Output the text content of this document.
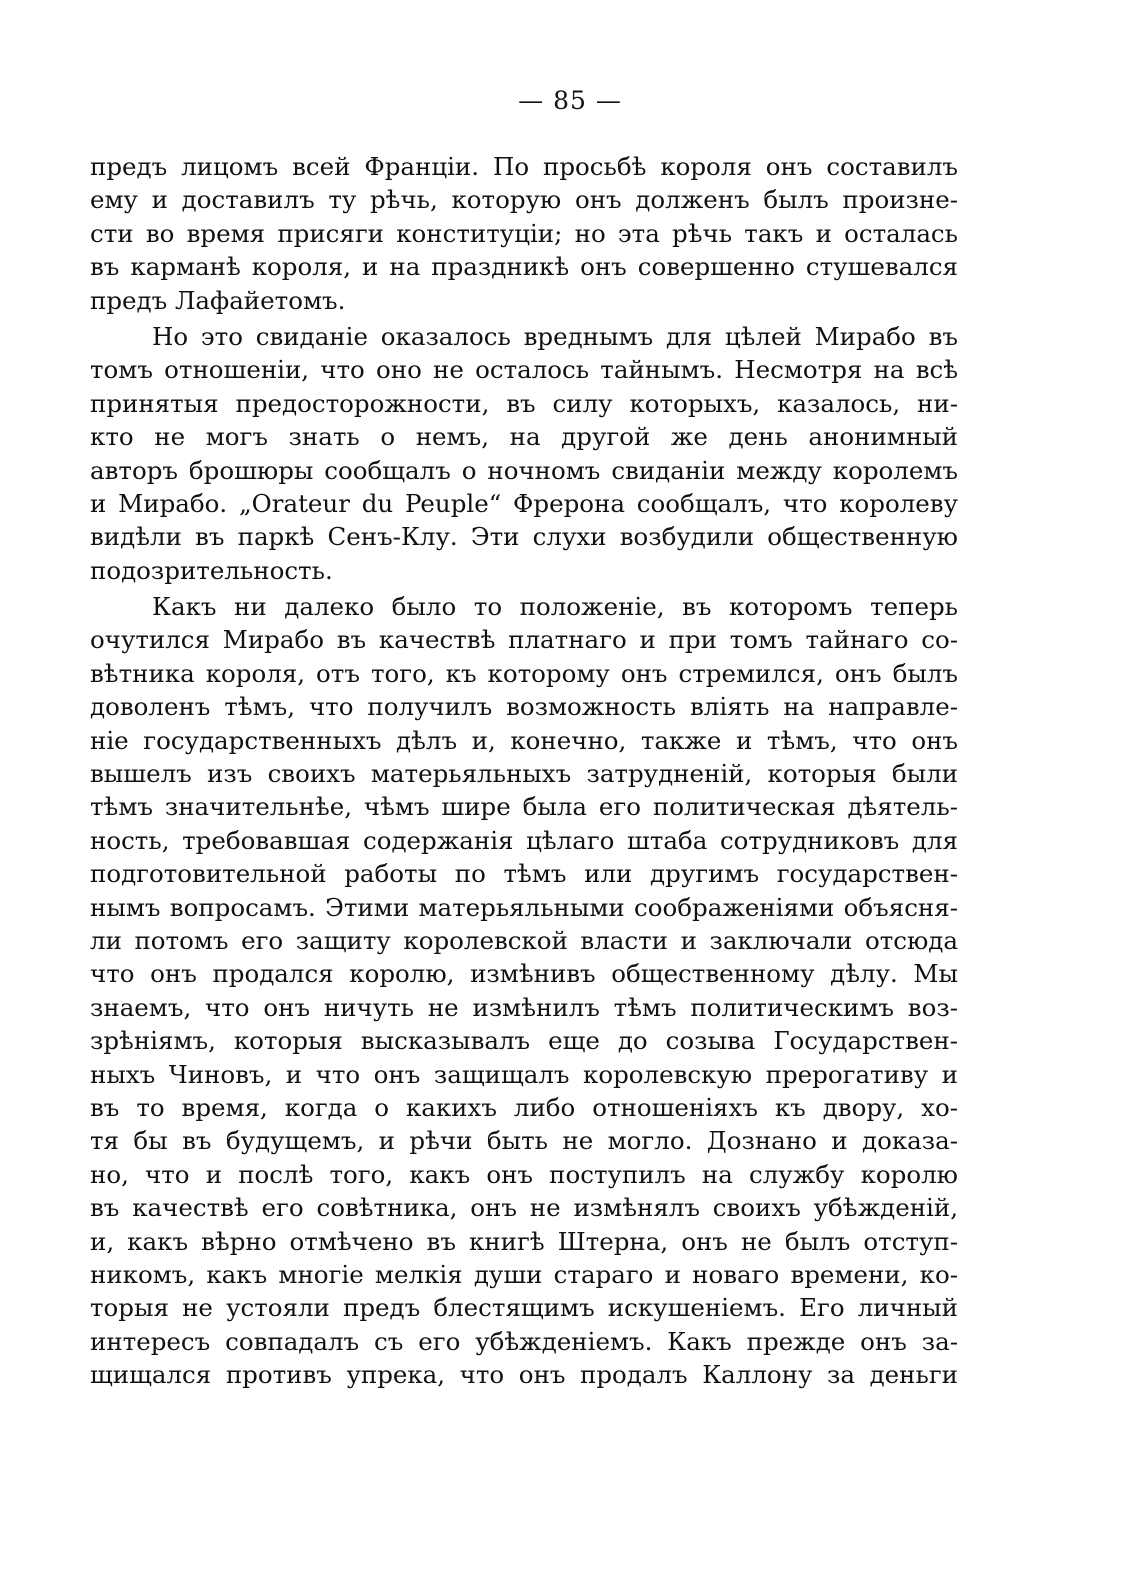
— 85 —
предъ лицомъ всей Франціи. По просьбѣ короля онъ составилъ
ему и доставилъ ту рѣчь, которую онъ долженъ былъ произне-
сти во время присяги конституціи; но эта рѣчь такъ и осталась
въ карманѣ короля, и на праздникѣ онъ совершенно стушевался
предъ Лафайетомъ.
Но это свиданіе оказалось вреднымъ для цѣлей Мирабо въ
томъ отношеніи, что оно не осталось тайнымъ. Несмотря на всѣ
принятыя предосторожности, въ силу которыхъ, казалось, ни-
кто не могъ знать о немъ, на другой же день анонимный
авторъ брошюры сообщалъ о ночномъ свиданіи между королемъ
и Мирабо. „Orateur du Peuple“ Фрерона сообщалъ, что королеву
видѣли въ паркѣ Сенъ-Клу. Эти слухи возбудили общественную
подозрительность.
Какъ ни далеко было то положеніе, въ которомъ теперь
очутился Мирабо въ качествѣ платнаго и при томъ тайнаго со-
вѣтника короля, отъ того, къ которому онъ стремился, онъ былъ
доволенъ тѣмъ, что получилъ возможность вліять на направле-
ніе государственныхъ дѣлъ и, конечно, также и тѣмъ, что онъ
вышелъ изъ своихъ матерьяльныхъ затрудненій, которыя были
тѣмъ значительнѣе, чѣмъ шире была его политическая дѣятель-
ность, требовавшая содержанія цѣлаго штаба сотрудниковъ для
подготовительной работы по тѣмъ или другимъ государствен-
нымъ вопросамъ. Этими матерьяльными соображеніями объясня-
ли потомъ его защиту королевской власти и заключали отсюда
что онъ продался королю, измѣнивъ общественному дѣлу. Мы
знаемъ, что онъ ничуть не измѣнилъ тѣмъ политическимъ воз-
зрѣніямъ, которыя высказывалъ еще до созыва Государствен-
ныхъ Чиновъ, и что онъ защищалъ королевскую прерогативу и
въ то время, когда о какихъ либо отношеніяхъ къ двору, хо-
тя бы въ будущемъ, и рѣчи быть не могло. Дознано и доказа-
но, что и послѣ того, какъ онъ поступилъ на службу королю
въ качествѣ его совѣтника, онъ не измѣнялъ своихъ убѣжденій,
и, какъ вѣрно отмѣчено въ книгѣ Штерна, онъ не былъ отступ-
никомъ, какъ многіе мелкія души стараго и новаго времени, ко-
торыя не устояли предъ блестящимъ искушеніемъ. Его личный
интересъ совпадалъ съ его убѣжденіемъ. Какъ прежде онъ за-
щищался противъ упрека, что онъ продалъ Каллону за деньги
